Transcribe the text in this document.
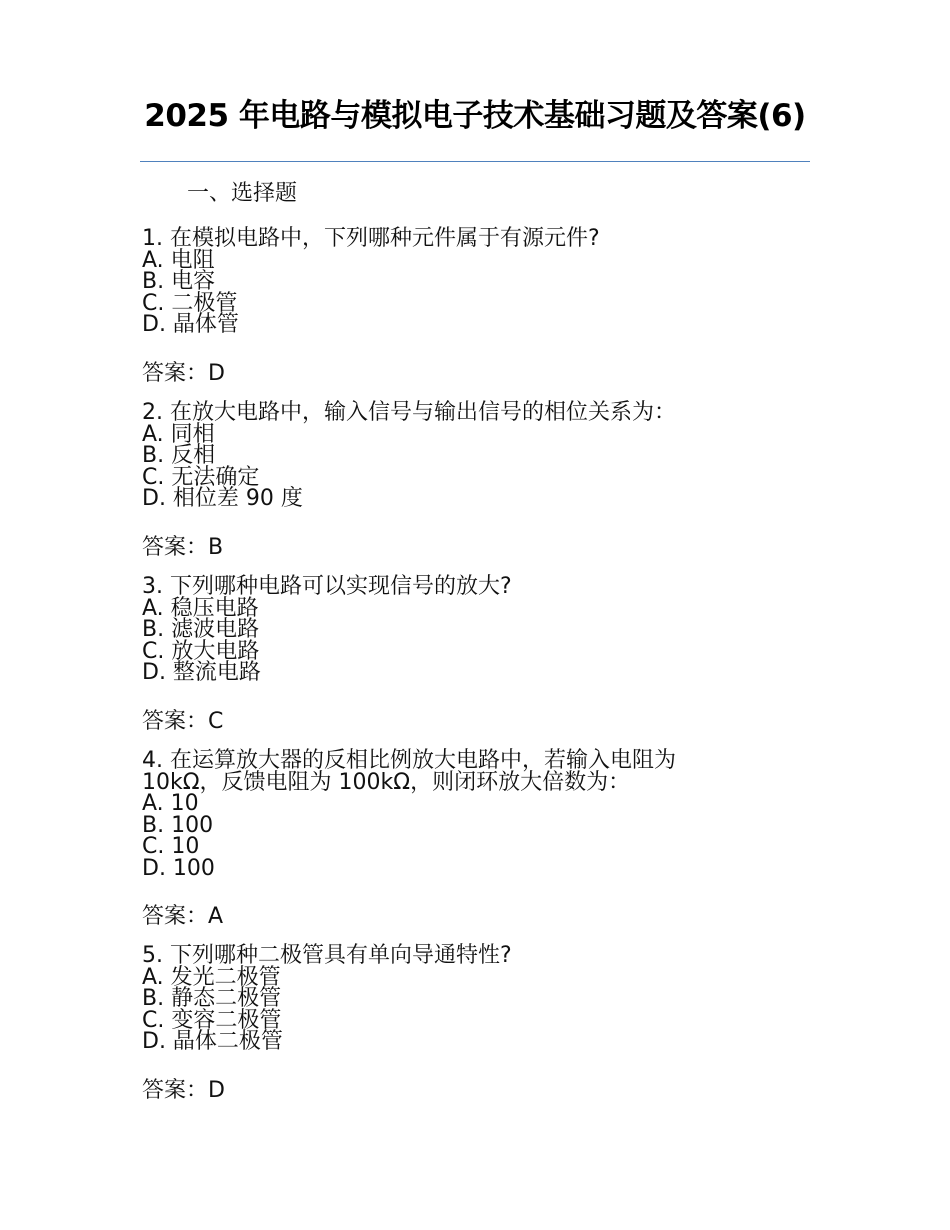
2025 年电路与模拟电子技术基础习题及答案(6)
一、选择题
1. 在模拟电路中，下列哪种元件属于有源元件?
A. 电阻
B. 电容
C. 二极管
D. 晶体管
答案：D
2. 在放大电路中，输入信号与输出信号的相位关系为：
A. 同相
B. 反相
C. 无法确定
D. 相位差 90 度
答案：B
3. 下列哪种电路可以实现信号的放大?
A. 稳压电路
B. 滤波电路
C. 放大电路
D. 整流电路
答案：C
4. 在运算放大器的反相比例放大电路中，若输入电阻为 10kΩ，反馈电阻为 100kΩ，则闭环放大倍数为：
A. 10
B. 100
C. 10
D. 100
答案：A
5. 下列哪种二极管具有单向导通特性?
A. 发光二极管
B. 静态二极管
C. 变容二极管
D. 晶体二极管
答案：D
